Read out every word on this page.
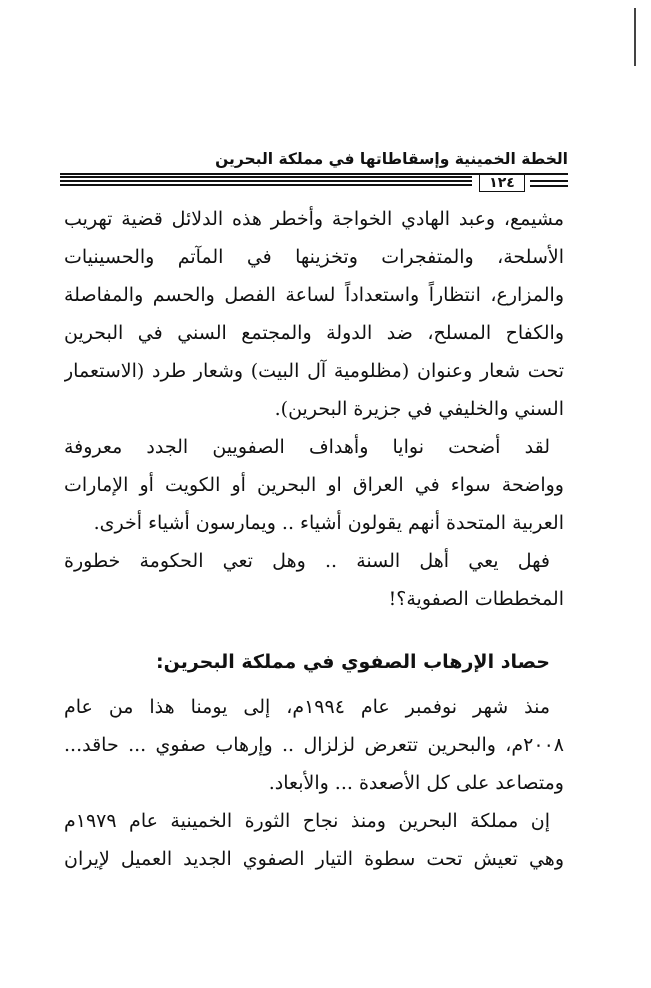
الخطة الخمينية وإسقاطاتها في مملكة البحرين
١٢٤
مشيمع، وعبد الهادي الخواجة وأخطر هذه الدلائل قضية تهريب
الأسلحة، والمتفجرات وتخزينها في المآتم والحسينيات
والمزارع، انتظاراً واستعداداً لساعة الفصل والحسم والمفاصلة
والكفاح المسلح، ضد الدولة والمجتمع السني في البحرين
تحت شعار وعنوان (مظلومية آل البيت) وشعار طرد (الاستعمار
السني والخليفي في جزيرة البحرين).
لقد أضحت نوايا وأهداف الصفويين الجدد معروفة
وواضحة سواء في العراق او البحرين أو الكويت أو الإمارات
العربية المتحدة أنهم يقولون أشياء .. ويمارسون أشياء أخرى.
فهل يعي أهل السنة .. وهل تعي الحكومة خطورة
المخططات الصفوية؟!
حصاد الإرهاب الصفوي في مملكة البحرين:
منذ شهر نوفمبر عام ١٩٩٤م، إلى يومنا هذا من عام
٢٠٠٨م، والبحرين تتعرض لزلزال .. وإرهاب صفوي ... حاقد...
ومتصاعد على كل الأصعدة ... والأبعاد.
إن مملكة البحرين ومنذ نجاح الثورة الخمينية عام ١٩٧٩م
وهي تعيش تحت سطوة التيار الصفوي الجديد العميل لإيران
